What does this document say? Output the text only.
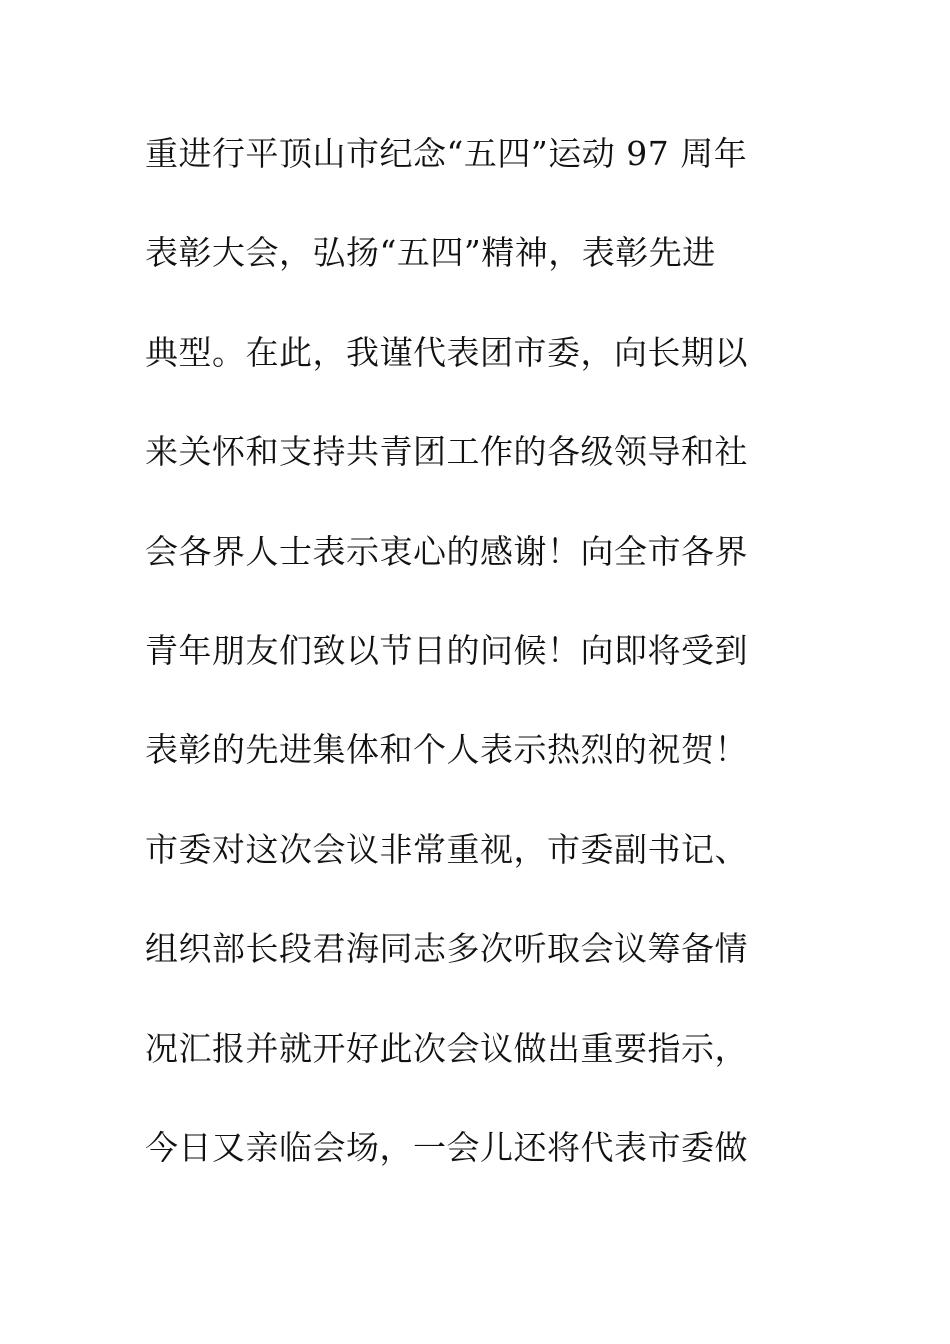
重进行平顶山市纪念“五四”运动 97 周年
表彰大会，弘扬“五四”精神，表彰先进
典型。在此，我谨代表团市委，向长期以
来关怀和支持共青团工作的各级领导和社
会各界人士表示衷心的感谢！向全市各界
青年朋友们致以节日的问候！向即将受到
表彰的先进集体和个人表示热烈的祝贺！
市委对这次会议非常重视，市委副书记、
组织部长段君海同志多次听取会议筹备情
况汇报并就开好此次会议做出重要指示，
今日又亲临会场，一会儿还将代表市委做
